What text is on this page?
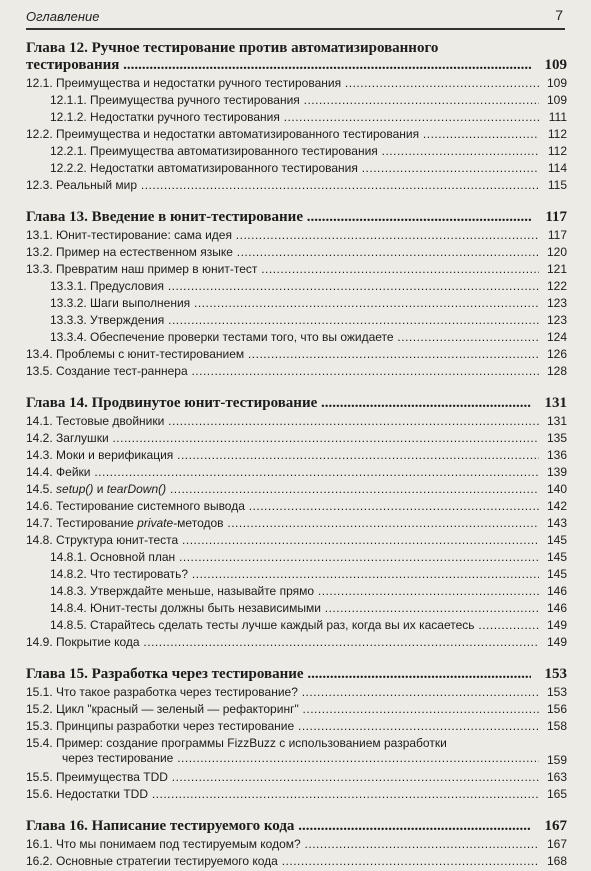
Оглавление	7
Глава 12. Ручное тестирование против автоматизированного
тестирования .....	109
12.1. Преимущества и недостатки ручного тестирования .....	109
12.1.1. Преимущества ручного тестирования .....	109
12.1.2. Недостатки ручного тестирования .....	111
12.2. Преимущества и недостатки автоматизированного тестирования .....	112
12.2.1. Преимущества автоматизированного тестирования .....	112
12.2.2. Недостатки автоматизированного тестирования .....	114
12.3. Реальный мир .....	115
Глава 13. Введение в юнит-тестирование .....	117
13.1. Юнит-тестирование: сама идея .....	117
13.2. Пример на естественном языке .....	120
13.3. Превратим наш пример в юнит-тест .....	121
13.3.1. Предусловия .....	122
13.3.2. Шаги выполнения .....	123
13.3.3. Утверждения .....	123
13.3.4. Обеспечение проверки тестами того, что вы ожидаете .....	124
13.4. Проблемы с юнит-тестированием .....	126
13.5. Создание тест-раннера .....	128
Глава 14. Продвинутое юнит-тестирование .....	131
14.1. Тестовые двойники .....	131
14.2. Заглушки .....	135
14.3. Моки и верификация .....	136
14.4. Фейки .....	139
14.5. setup() и tearDown() .....	140
14.6. Тестирование системного вывода .....	142
14.7. Тестирование private-методов .....	143
14.8. Структура юнит-теста .....	145
14.8.1. Основной план .....	145
14.8.2. Что тестировать? .....	145
14.8.3. Утверждайте меньше, называйте прямо .....	146
14.8.4. Юнит-тесты должны быть независимыми .....	146
14.8.5. Старайтесь сделать тесты лучше каждый раз, когда вы их касаетесь .....	149
14.9. Покрытие кода .....	149
Глава 15. Разработка через тестирование .....	153
15.1. Что такое разработка через тестирование? .....	153
15.2. Цикл "красный — зеленый — рефакторинг" .....	156
15.3. Принципы разработки через тестирование .....	158
15.4. Пример: создание программы FizzBuzz с использованием разработки
через тестирование .....	159
15.5. Преимущества TDD .....	163
15.6. Недостатки TDD .....	165
Глава 16. Написание тестируемого кода .....	167
16.1. Что мы понимаем под тестируемым кодом? .....	167
16.2. Основные стратегии тестируемого кода .....	168
